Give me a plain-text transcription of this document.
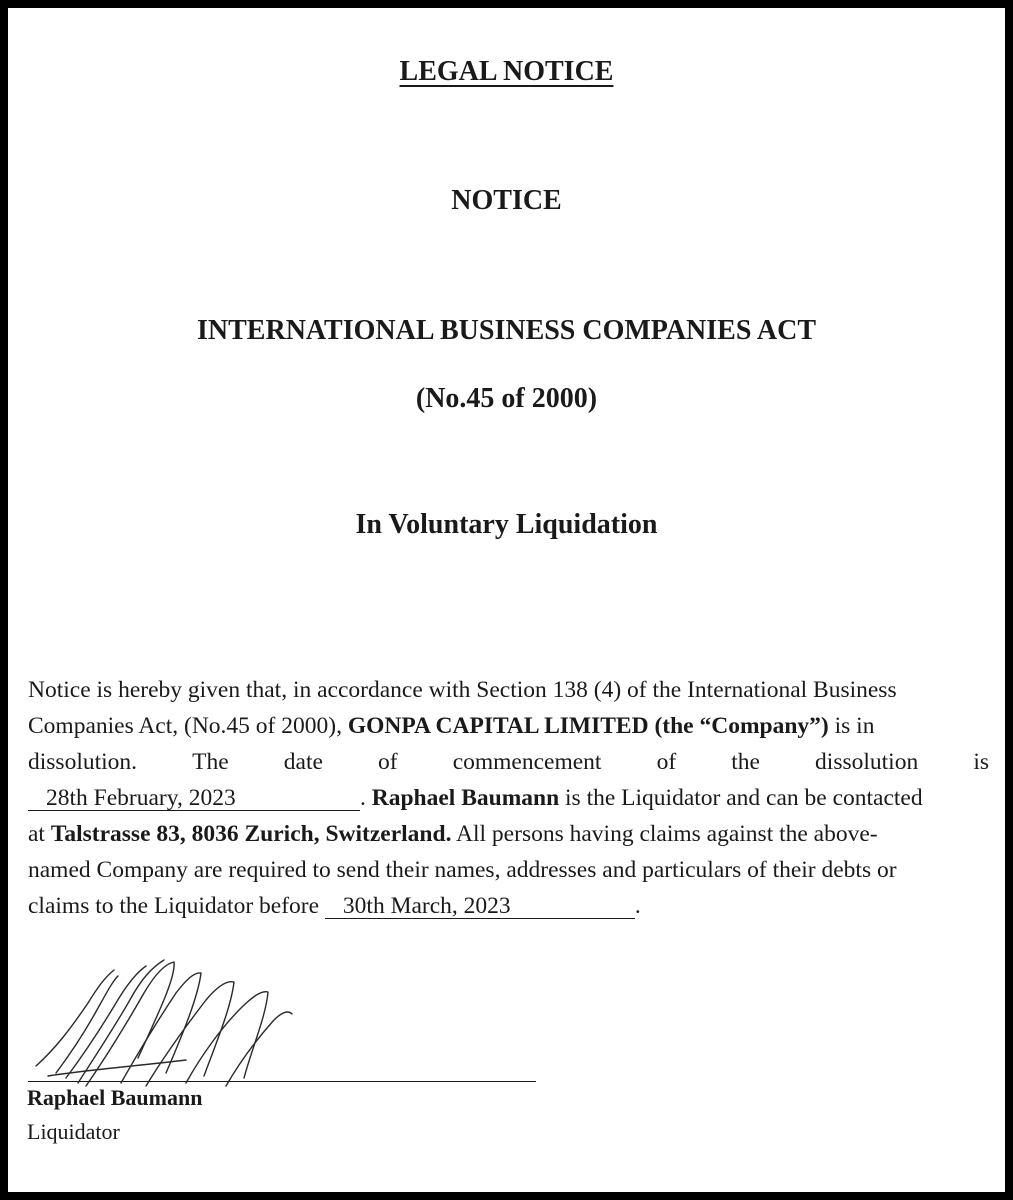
LEGAL NOTICE
NOTICE
INTERNATIONAL BUSINESS COMPANIES ACT
(No.45 of 2000)
In Voluntary Liquidation
Notice is hereby given that, in accordance with Section 138 (4) of the International Business
Companies Act, (No.45 of 2000), GONPA CAPITAL LIMITED (the “Company”) is in
dissolution. The date of commencement of the dissolution is
28th February, 2023	. Raphael Baumann is the Liquidator and can be contacted
at Talstrasse 83, 8036 Zurich, Switzerland. All persons having claims against the above-
named Company are required to send their names, addresses and particulars of their debts or
claims to the Liquidator before 30th March, 2023	.
Raphael Baumann
Liquidator
